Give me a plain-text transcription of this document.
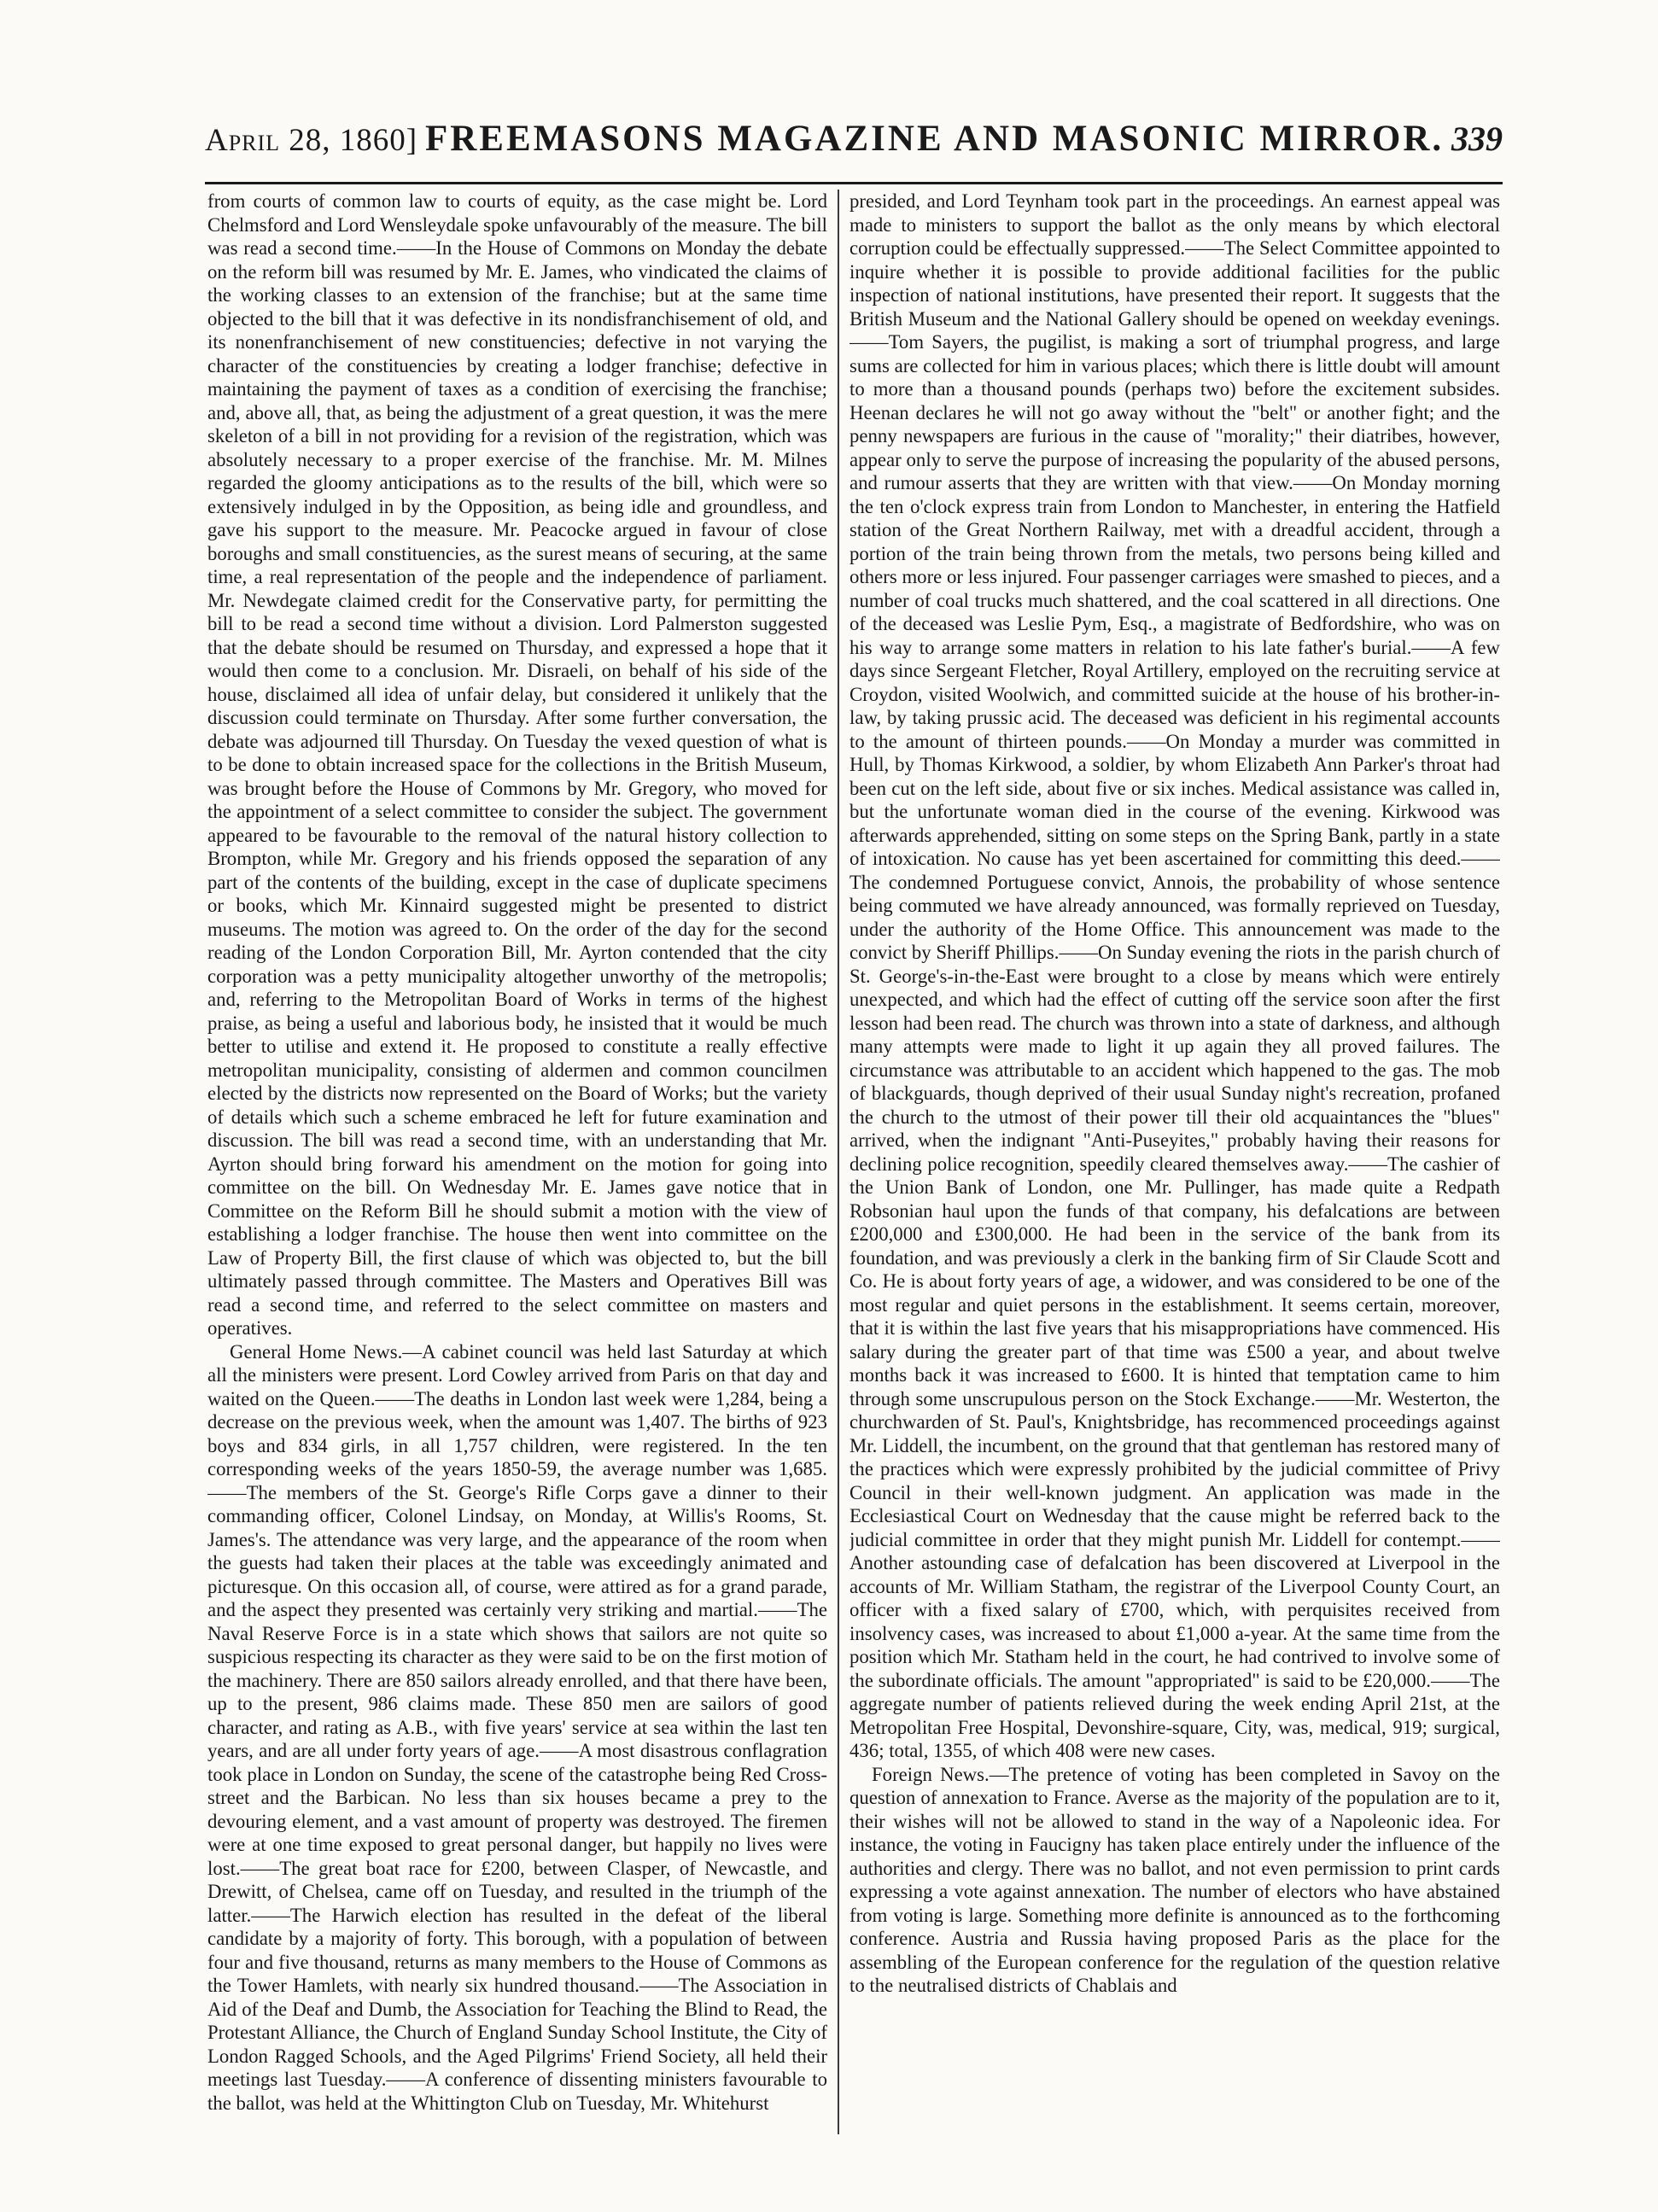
April 28, 1860] FREEMASONS MAGAZINE AND MASONIC MIRROR. 339

from courts of common law to courts of equity, as the case might be. Lord Chelmsford and Lord Wensleydale spoke unfavourably of the measure. The bill was read a second time.——In the House of Commons on Monday the debate on the reform bill was resumed by Mr. E. James, who vindicated the claims of the working classes to an extension of the franchise; but at the same time objected to the bill that it was defective in its nondisfranchisement of old, and its nonenfranchisement of new constituencies; defective in not varying the character of the constituencies by creating a lodger franchise; defective in maintaining the payment of taxes as a condition of exercising the franchise; and, above all, that, as being the adjustment of a great question, it was the mere skeleton of a bill in not providing for a revision of the registration, which was absolutely necessary to a proper exercise of the franchise. Mr. M. Milnes regarded the gloomy anticipations as to the results of the bill, which were so extensively indulged in by the Opposition, as being idle and groundless, and gave his support to the measure. Mr. Peacocke argued in favour of close boroughs and small constituencies, as the surest means of securing, at the same time, a real representation of the people and the independence of parliament. Mr. Newdegate claimed credit for the Conservative party, for permitting the bill to be read a second time without a division. Lord Palmerston suggested that the debate should be resumed on Thursday, and expressed a hope that it would then come to a conclusion. Mr. Disraeli, on behalf of his side of the house, disclaimed all idea of unfair delay, but considered it unlikely that the discussion could terminate on Thursday. After some further conversation, the debate was adjourned till Thursday. On Tuesday the vexed question of what is to be done to obtain increased space for the collections in the British Museum, was brought before the House of Commons by Mr. Gregory, who moved for the appointment of a select committee to consider the subject. The government appeared to be favourable to the removal of the natural history collection to Brompton, while Mr. Gregory and his friends opposed the separation of any part of the contents of the building, except in the case of duplicate specimens or books, which Mr. Kinnaird suggested might be presented to district museums. The motion was agreed to. On the order of the day for the second reading of the London Corporation Bill, Mr. Ayrton contended that the city corporation was a petty municipality altogether unworthy of the metropolis; and, referring to the Metropolitan Board of Works in terms of the highest praise, as being a useful and laborious body, he insisted that it would be much better to utilise and extend it. He proposed to constitute a really effective metropolitan municipality, consisting of aldermen and common councilmen elected by the districts now represented on the Board of Works; but the variety of details which such a scheme embraced he left for future examination and discussion. The bill was read a second time, with an understanding that Mr. Ayrton should bring forward his amendment on the motion for going into committee on the bill. On Wednesday Mr. E. James gave notice that in Committee on the Reform Bill he should submit a motion with the view of establishing a lodger franchise. The house then went into committee on the Law of Property Bill, the first clause of which was objected to, but the bill ultimately passed through committee. The Masters and Operatives Bill was read a second time, and referred to the select committee on masters and operatives.

General Home News.—A cabinet council was held last Saturday at which all the ministers were present. Lord Cowley arrived from Paris on that day and waited on the Queen.——The deaths in London last week were 1,284, being a decrease on the previous week, when the amount was 1,407. The births of 923 boys and 834 girls, in all 1,757 children, were registered. In the ten corresponding weeks of the years 1850-59, the average number was 1,685.——The members of the St. George's Rifle Corps gave a dinner to their commanding officer, Colonel Lindsay, on Monday, at Willis's Rooms, St. James's. The attendance was very large, and the appearance of the room when the guests had taken their places at the table was exceedingly animated and picturesque. On this occasion all, of course, were attired as for a grand parade, and the aspect they presented was certainly very striking and martial.——The Naval Reserve Force is in a state which shows that sailors are not quite so suspicious respecting its character as they were said to be on the first motion of the machinery. There are 850 sailors already enrolled, and that there have been, up to the present, 986 claims made. These 850 men are sailors of good character, and rating as A.B., with five years' service at sea within the last ten years, and are all under forty years of age.——A most disastrous conflagration took place in London on Sunday, the scene of the catastrophe being Red Cross-street and the Barbican. No less than six houses became a prey to the devouring element, and a vast amount of property was destroyed. The firemen were at one time exposed to great personal danger, but happily no lives were lost.——The great boat race for £200, between Clasper, of Newcastle, and Drewitt, of Chelsea, came off on Tuesday, and resulted in the triumph of the latter.——The Harwich election has resulted in the defeat of the liberal candidate by a majority of forty. This borough, with a population of between four and five thousand, returns as many members to the House of Commons as the Tower Hamlets, with nearly six hundred thousand.——The Association in Aid of the Deaf and Dumb, the Association for Teaching the Blind to Read, the Protestant Alliance, the Church of England Sunday School Institute, the City of London Ragged Schools, and the Aged Pilgrims' Friend Society, all held their meetings last Tuesday.——A conference of dissenting ministers favourable to the ballot, was held at the Whittington Club on Tuesday, Mr. Whitehurst

presided, and Lord Teynham took part in the proceedings. An earnest appeal was made to ministers to support the ballot as the only means by which electoral corruption could be effectually suppressed.——The Select Committee appointed to inquire whether it is possible to provide additional facilities for the public inspection of national institutions, have presented their report. It suggests that the British Museum and the National Gallery should be opened on weekday evenings.——Tom Sayers, the pugilist, is making a sort of triumphal progress, and large sums are collected for him in various places; which there is little doubt will amount to more than a thousand pounds (perhaps two) before the excitement subsides. Heenan declares he will not go away without the "belt" or another fight; and the penny newspapers are furious in the cause of "morality;" their diatribes, however, appear only to serve the purpose of increasing the popularity of the abused persons, and rumour asserts that they are written with that view.——On Monday morning the ten o'clock express train from London to Manchester, in entering the Hatfield station of the Great Northern Railway, met with a dreadful accident, through a portion of the train being thrown from the metals, two persons being killed and others more or less injured. Four passenger carriages were smashed to pieces, and a number of coal trucks much shattered, and the coal scattered in all directions. One of the deceased was Leslie Pym, Esq., a magistrate of Bedfordshire, who was on his way to arrange some matters in relation to his late father's burial.——A few days since Sergeant Fletcher, Royal Artillery, employed on the recruiting service at Croydon, visited Woolwich, and committed suicide at the house of his brother-in-law, by taking prussic acid. The deceased was deficient in his regimental accounts to the amount of thirteen pounds.——On Monday a murder was committed in Hull, by Thomas Kirkwood, a soldier, by whom Elizabeth Ann Parker's throat had been cut on the left side, about five or six inches. Medical assistance was called in, but the unfortunate woman died in the course of the evening. Kirkwood was afterwards apprehended, sitting on some steps on the Spring Bank, partly in a state of intoxication. No cause has yet been ascertained for committing this deed.——The condemned Portuguese convict, Annois, the probability of whose sentence being commuted we have already announced, was formally reprieved on Tuesday, under the authority of the Home Office. This announcement was made to the convict by Sheriff Phillips.——On Sunday evening the riots in the parish church of St. George's-in-the-East were brought to a close by means which were entirely unexpected, and which had the effect of cutting off the service soon after the first lesson had been read. The church was thrown into a state of darkness, and although many attempts were made to light it up again they all proved failures. The circumstance was attributable to an accident which happened to the gas. The mob of blackguards, though deprived of their usual Sunday night's recreation, profaned the church to the utmost of their power till their old acquaintances the "blues" arrived, when the indignant "Anti-Puseyites," probably having their reasons for declining police recognition, speedily cleared themselves away.——The cashier of the Union Bank of London, one Mr. Pullinger, has made quite a Redpath Robsonian haul upon the funds of that company, his defalcations are between £200,000 and £300,000. He had been in the service of the bank from its foundation, and was previously a clerk in the banking firm of Sir Claude Scott and Co. He is about forty years of age, a widower, and was considered to be one of the most regular and quiet persons in the establishment. It seems certain, moreover, that it is within the last five years that his misappropriations have commenced. His salary during the greater part of that time was £500 a year, and about twelve months back it was increased to £600. It is hinted that temptation came to him through some unscrupulous person on the Stock Exchange.——Mr. Westerton, the churchwarden of St. Paul's, Knightsbridge, has recommenced proceedings against Mr. Liddell, the incumbent, on the ground that that gentleman has restored many of the practices which were expressly prohibited by the judicial committee of Privy Council in their well-known judgment. An application was made in the Ecclesiastical Court on Wednesday that the cause might be referred back to the judicial committee in order that they might punish Mr. Liddell for contempt.——Another astounding case of defalcation has been discovered at Liverpool in the accounts of Mr. William Statham, the registrar of the Liverpool County Court, an officer with a fixed salary of £700, which, with perquisites received from insolvency cases, was increased to about £1,000 a-year. At the same time from the position which Mr. Statham held in the court, he had contrived to involve some of the subordinate officials. The amount "appropriated" is said to be £20,000.——The aggregate number of patients relieved during the week ending April 21st, at the Metropolitan Free Hospital, Devonshire-square, City, was, medical, 919; surgical, 436; total, 1355, of which 408 were new cases.

Foreign News.—The pretence of voting has been completed in Savoy on the question of annexation to France. Averse as the majority of the population are to it, their wishes will not be allowed to stand in the way of a Napoleonic idea. For instance, the voting in Faucigny has taken place entirely under the influence of the authorities and clergy. There was no ballot, and not even permission to print cards expressing a vote against annexation. The number of electors who have abstained from voting is large. Something more definite is announced as to the forthcoming conference. Austria and Russia having proposed Paris as the place for the assembling of the European conference for the regulation of the question relative to the neutralised districts of Chablais and
